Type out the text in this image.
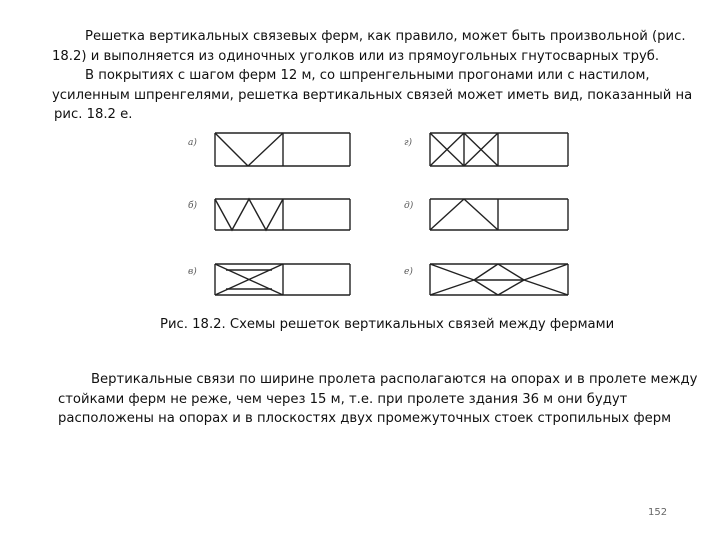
Решетка вертикальных связевых ферм, как правило, может быть произвольной (рис. 18.2) и выполняется из одиночных уголков или из прямоугольных гнутосварных труб.
В покрытиях с шагом ферм 12 м, со шпренгельными прогонами или с настилом, усиленным шпренгелями, решетка вертикальных связей может иметь вид, показанный на
рис. 18.2 е.
а)
б)
в)
г)
д)
е)
Рис. 18.2. Схемы решеток вертикальных связей между фермами
Вертикальные связи по ширине пролета располагаются на опорах и в пролете между стойками ферм не реже, чем через 15 м, т.е. при пролете здания 36 м они будут расположены на опорах и в плоскостях двух промежуточных стоек стропильных ферм
152
